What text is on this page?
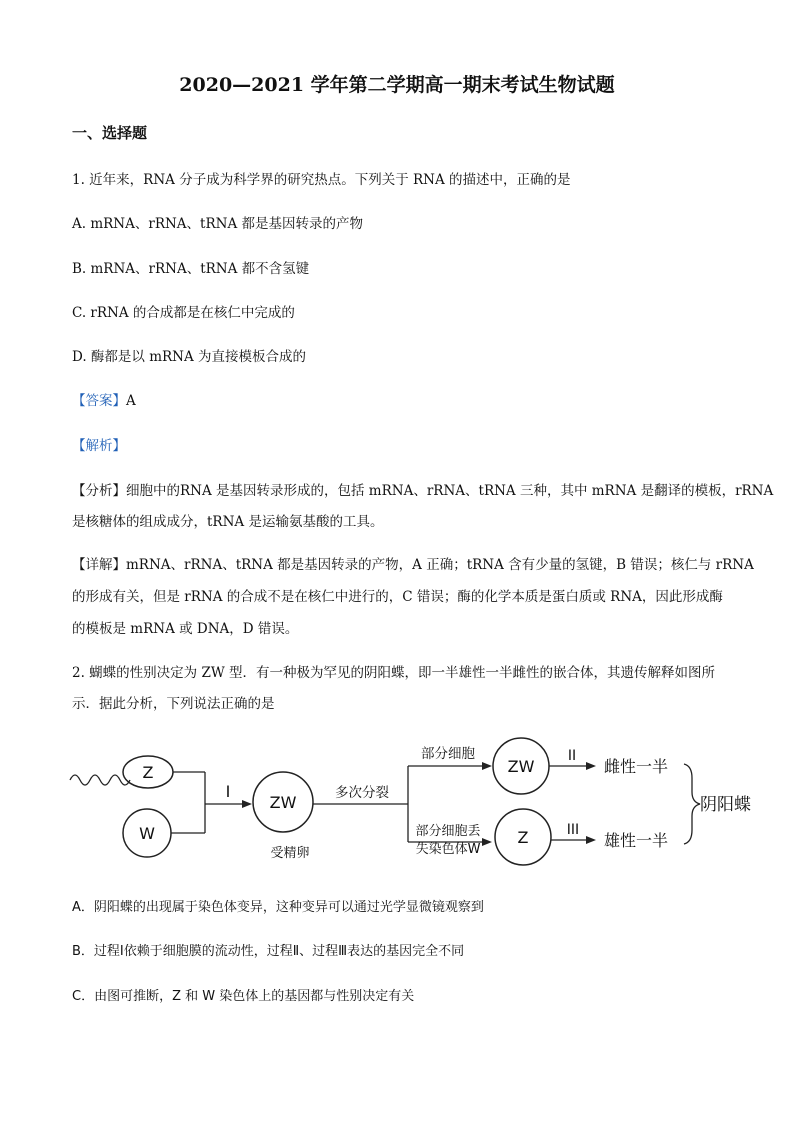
2020—2021 学年第二学期高一期末考试生物试题
一、选择题
1. 近年来，RNA 分子成为科学界的研究热点。下列关于 RNA 的描述中，正确的是
A. mRNA、rRNA、tRNA 都是基因转录的产物
B. mRNA、rRNA、tRNA 都不含氢键
C. rRNA 的合成都是在核仁中完成的
D. 酶都是以 mRNA 为直接模板合成的
【答案】A
【解析】
【分析】细胞中的RNA 是基因转录形成的，包括 mRNA、rRNA、tRNA 三种，其中 mRNA 是翻译的模板，rRNA
是核糖体的组成成分，tRNA 是运输氨基酸的工具。
【详解】mRNA、rRNA、tRNA 都是基因转录的产物，A 正确；tRNA 含有少量的氢键，B 错误；核仁与 rRNA
的形成有关，但是 rRNA 的合成不是在核仁中进行的，C 错误；酶的化学本质是蛋白质或 RNA，因此形成酶
的模板是 mRNA 或 DNA，D 错误。
2. 蝴蝶的性别决定为 ZW 型．有一种极为罕见的阴阳蝶，即一半雄性一半雌性的嵌合体，其遗传解释如图所
示．据此分析，下列说法正确的是
Z
W
I
ZW
受精卵
多次分裂
部分细胞
部分细胞丢
失染色体W
ZW
Z
II
III
雌性一半
雄性一半
阴阳蝶
A．阴阳蝶的出现属于染色体变异，这种变异可以通过光学显微镜观察到
B．过程Ⅰ依赖于细胞膜的流动性，过程Ⅱ、过程Ⅲ表达的基因完全不同
C．由图可推断，Z 和 W 染色体上的基因都与性别决定有关
